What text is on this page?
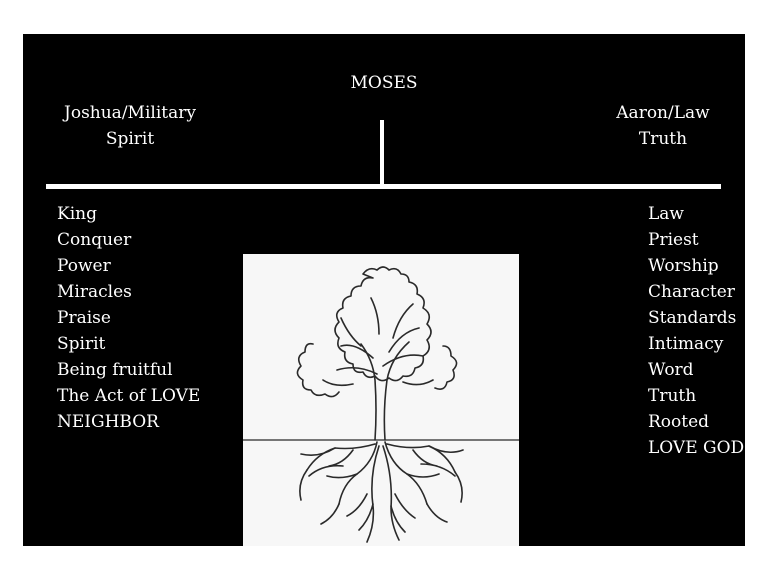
MOSES
Joshua/Military
Spirit
Aaron/Law
Truth
King
Conquer
Power
Miracles
Praise
Spirit
Being fruitful
The Act of LOVE
NEIGHBOR
Law
Priest
Worship
Character
Standards
Intimacy
Word
Truth
Rooted
LOVE GOD
